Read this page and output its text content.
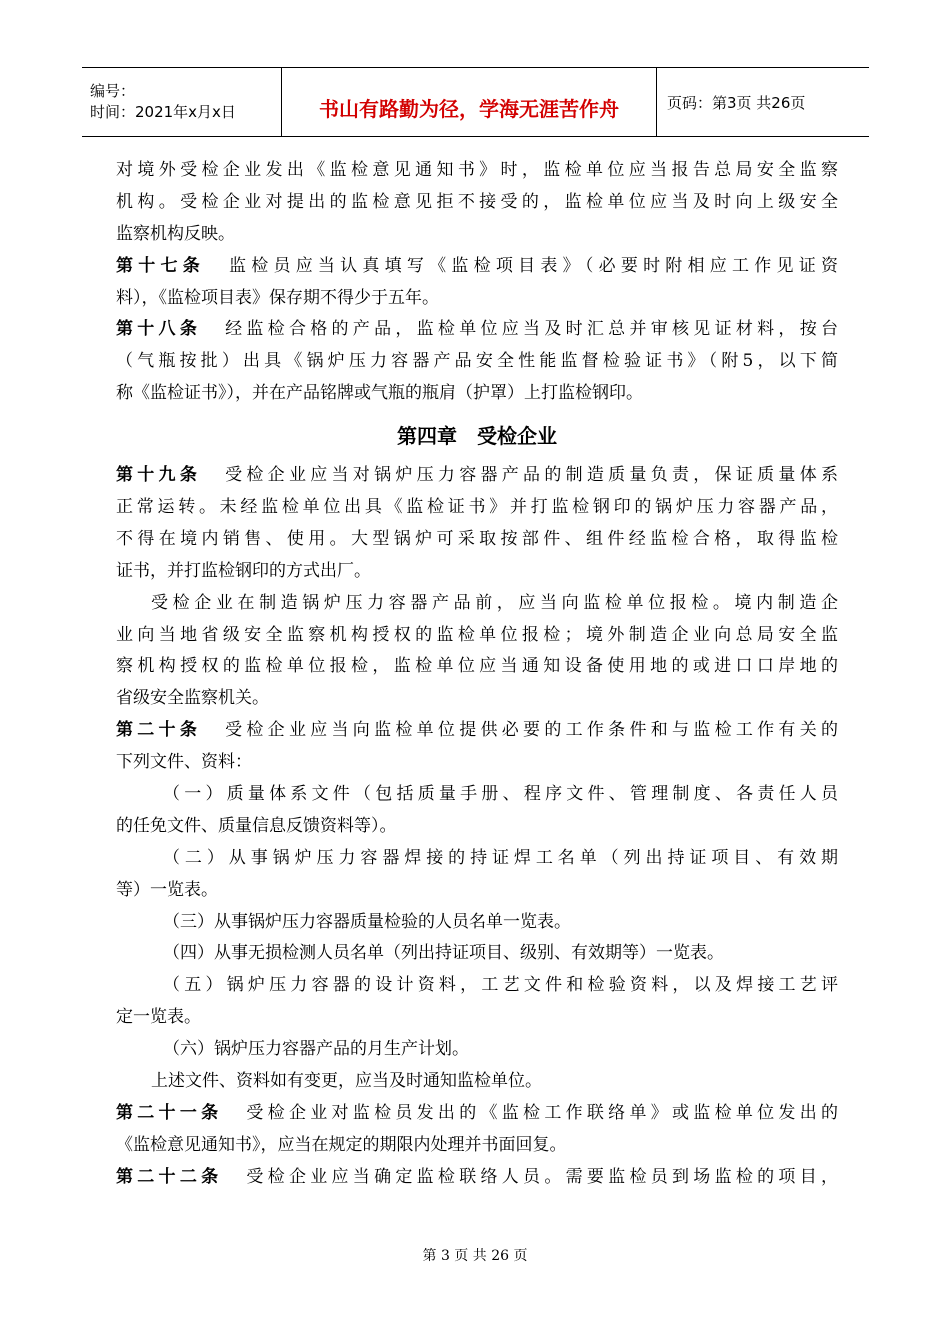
编号：
时间：2021年x月x日	书山有路勤为径，学海无涯苦作舟	页码：第3页 共26页
对境外受检企业发出《监检意见通知书》时，监检单位应当报告总局安全监察
机构。受检企业对提出的监检意见拒不接受的，监检单位应当及时向上级安全
监察机构反映。
第十七条 监检员应当认真填写《监检项目表》（必要时附相应工作见证资
料），《监检项目表》保存期不得少于五年。
第十八条 经监检合格的产品，监检单位应当及时汇总并审核见证材料，按台
（气瓶按批）出具《锅炉压力容器产品安全性能监督检验证书》（附5，以下简
称《监检证书》），并在产品铭牌或气瓶的瓶肩（护罩）上打监检钢印。
第四章　受检企业
第十九条 受检企业应当对锅炉压力容器产品的制造质量负责，保证质量体系
正常运转。未经监检单位出具《监检证书》并打监检钢印的锅炉压力容器产品，
不得在境内销售、使用。大型锅炉可采取按部件、组件经监检合格，取得监检
证书，并打监检钢印的方式出厂。
受检企业在制造锅炉压力容器产品前，应当向监检单位报检。境内制造企
业向当地省级安全监察机构授权的监检单位报检；境外制造企业向总局安全监
察机构授权的监检单位报检，监检单位应当通知设备使用地的或进口口岸地的
省级安全监察机关。
第二十条 受检企业应当向监检单位提供必要的工作条件和与监检工作有关的
下列文件、资料：
（一）质量体系文件（包括质量手册、程序文件、管理制度、各责任人员
的任免文件、质量信息反馈资料等）。
（二）从事锅炉压力容器焊接的持证焊工名单（列出持证项目、有效期
等）一览表。
（三）从事锅炉压力容器质量检验的人员名单一览表。
（四）从事无损检测人员名单（列出持证项目、级别、有效期等）一览表。
（五）锅炉压力容器的设计资料，工艺文件和检验资料，以及焊接工艺评
定一览表。
（六）锅炉压力容器产品的月生产计划。
上述文件、资料如有变更，应当及时通知监检单位。
第二十一条 受检企业对监检员发出的《监检工作联络单》或监检单位发出的
《监检意见通知书》，应当在规定的期限内处理并书面回复。
第二十二条 受检企业应当确定监检联络人员。需要监检员到场监检的项目，
第 3 页 共 26 页
